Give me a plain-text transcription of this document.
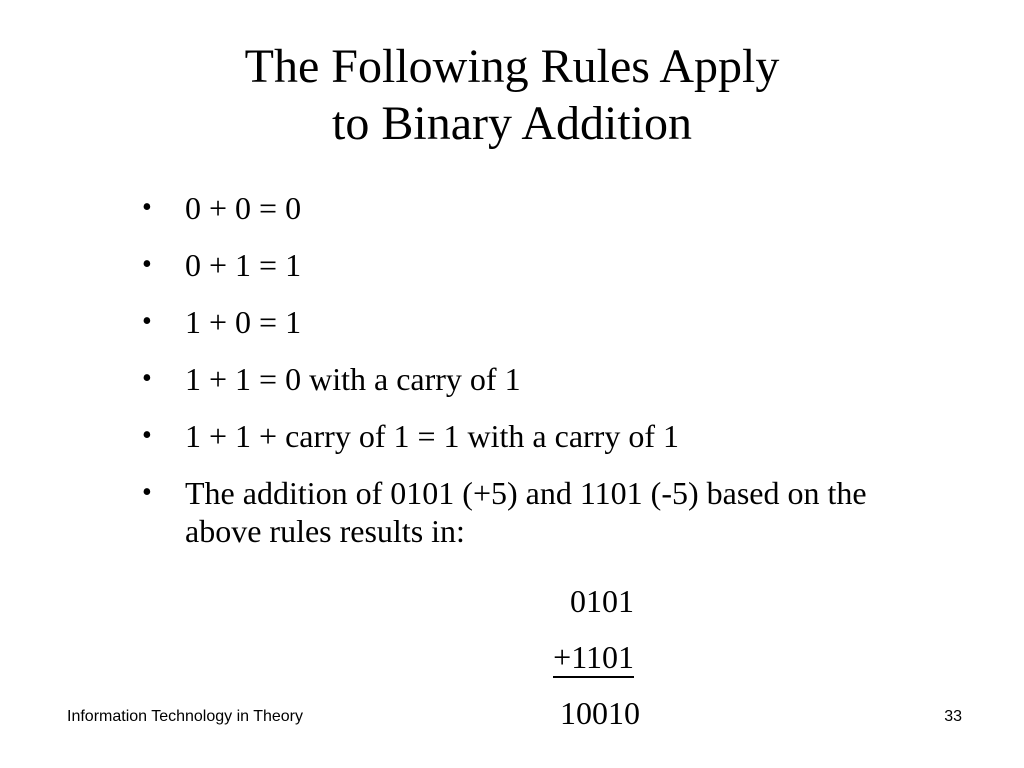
The Following Rules Apply
to Binary Addition
• 0 + 0 = 0
• 0 + 1 = 1
• 1 + 0 = 1
• 1 + 1 = 0 with a carry of 1
• 1 + 1 + carry of 1 = 1 with a carry of 1
• The addition of 0101 (+5) and 1101 (-5) based on the above rules results in:
0101
+1101
10010
Information Technology in Theory	33
